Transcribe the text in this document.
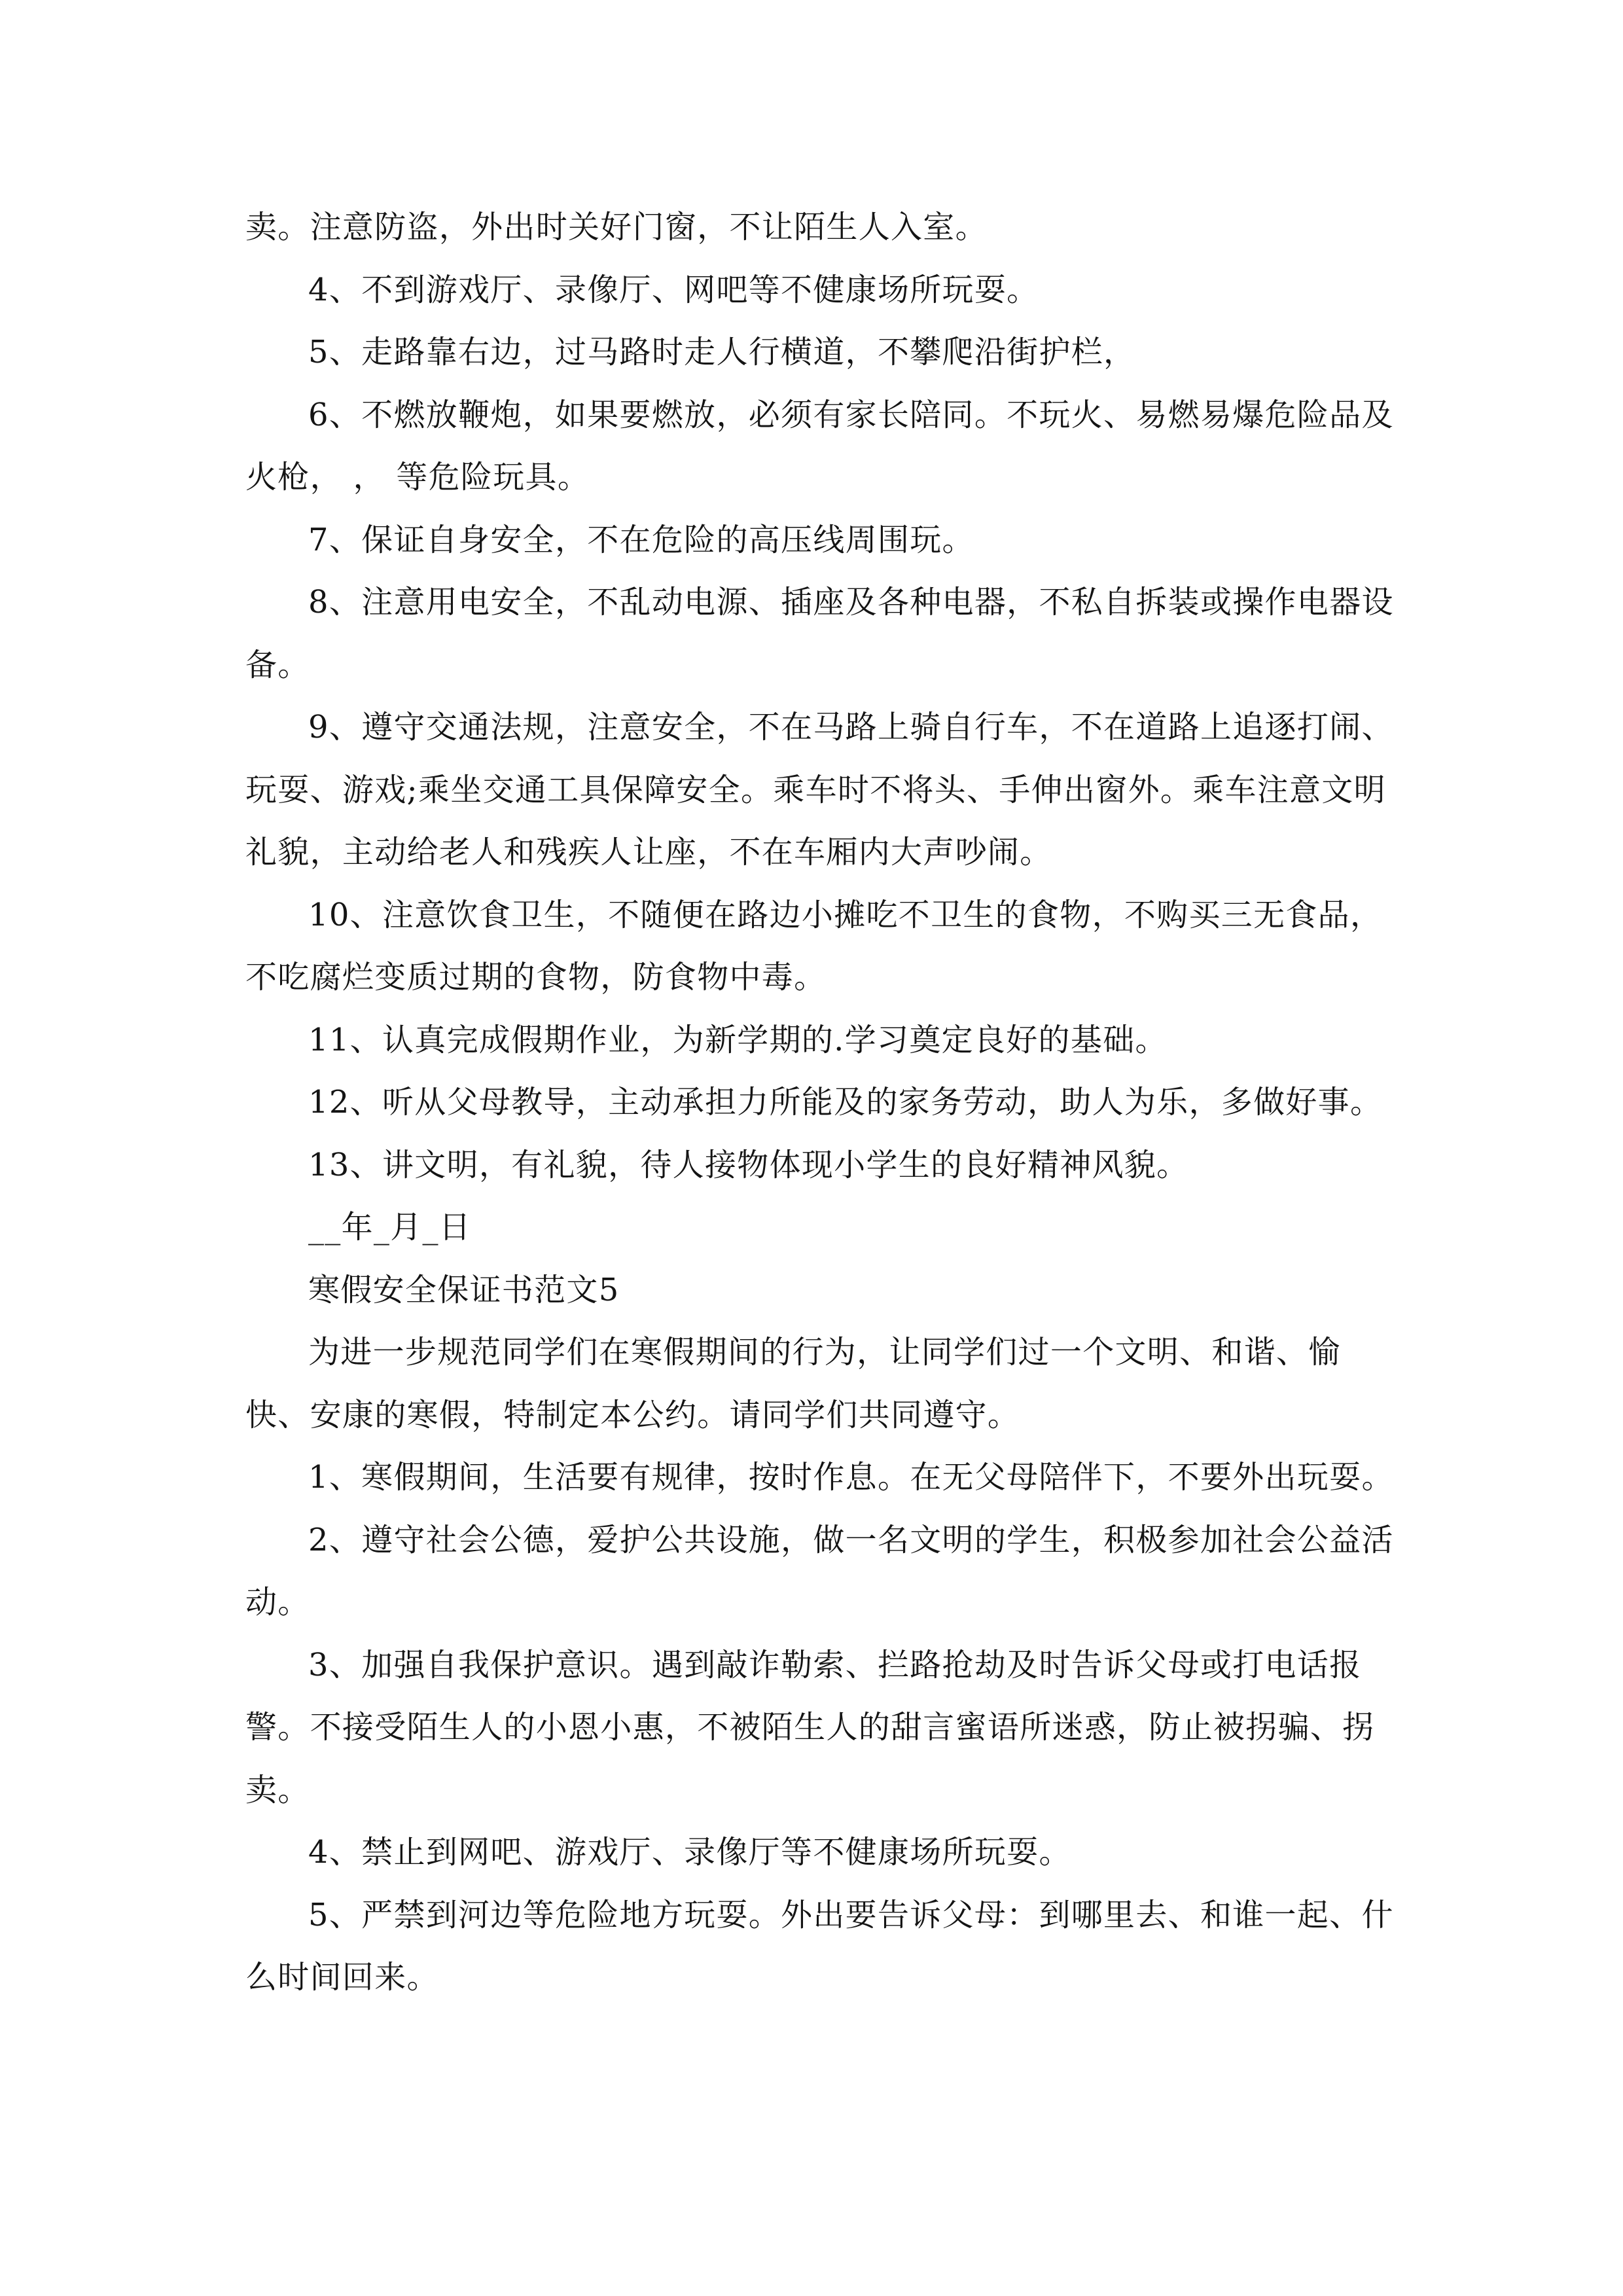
卖。注意防盗，外出时关好门窗，不让陌生人入室。

4、不到游戏厅、录像厅、网吧等不健康场所玩耍。

5、走路靠右边，过马路时走人行横道，不攀爬沿街护栏，

6、不燃放鞭炮，如果要燃放，必须有家长陪同。不玩火、易燃易爆危险品及火枪， ， 等危险玩具。

7、保证自身安全，不在危险的高压线周围玩。

8、注意用电安全，不乱动电源、插座及各种电器，不私自拆装或操作电器设备。

9、遵守交通法规，注意安全，不在马路上骑自行车，不在道路上追逐打闹、玩耍、游戏;乘坐交通工具保障安全。乘车时不将头、手伸出窗外。乘车注意文明礼貌，主动给老人和残疾人让座，不在车厢内大声吵闹。

10、注意饮食卫生，不随便在路边小摊吃不卫生的食物，不购买三无食品，不吃腐烂变质过期的食物，防食物中毒。

11、认真完成假期作业，为新学期的.学习奠定良好的基础。

12、听从父母教导，主动承担力所能及的家务劳动，助人为乐，多做好事。

13、讲文明，有礼貌，待人接物体现小学生的良好精神风貌。

__年_月_日

寒假安全保证书范文5

为进一步规范同学们在寒假期间的行为，让同学们过一个文明、和谐、愉快、安康的寒假，特制定本公约。请同学们共同遵守。

1、寒假期间，生活要有规律，按时作息。在无父母陪伴下，不要外出玩耍。

2、遵守社会公德，爱护公共设施，做一名文明的学生，积极参加社会公益活动。

3、加强自我保护意识。遇到敲诈勒索、拦路抢劫及时告诉父母或打电话报警。不接受陌生人的小恩小惠，不被陌生人的甜言蜜语所迷惑，防止被拐骗、拐卖。

4、禁止到网吧、游戏厅、录像厅等不健康场所玩耍。

5、严禁到河边等危险地方玩耍。外出要告诉父母：到哪里去、和谁一起、什么时间回来。
